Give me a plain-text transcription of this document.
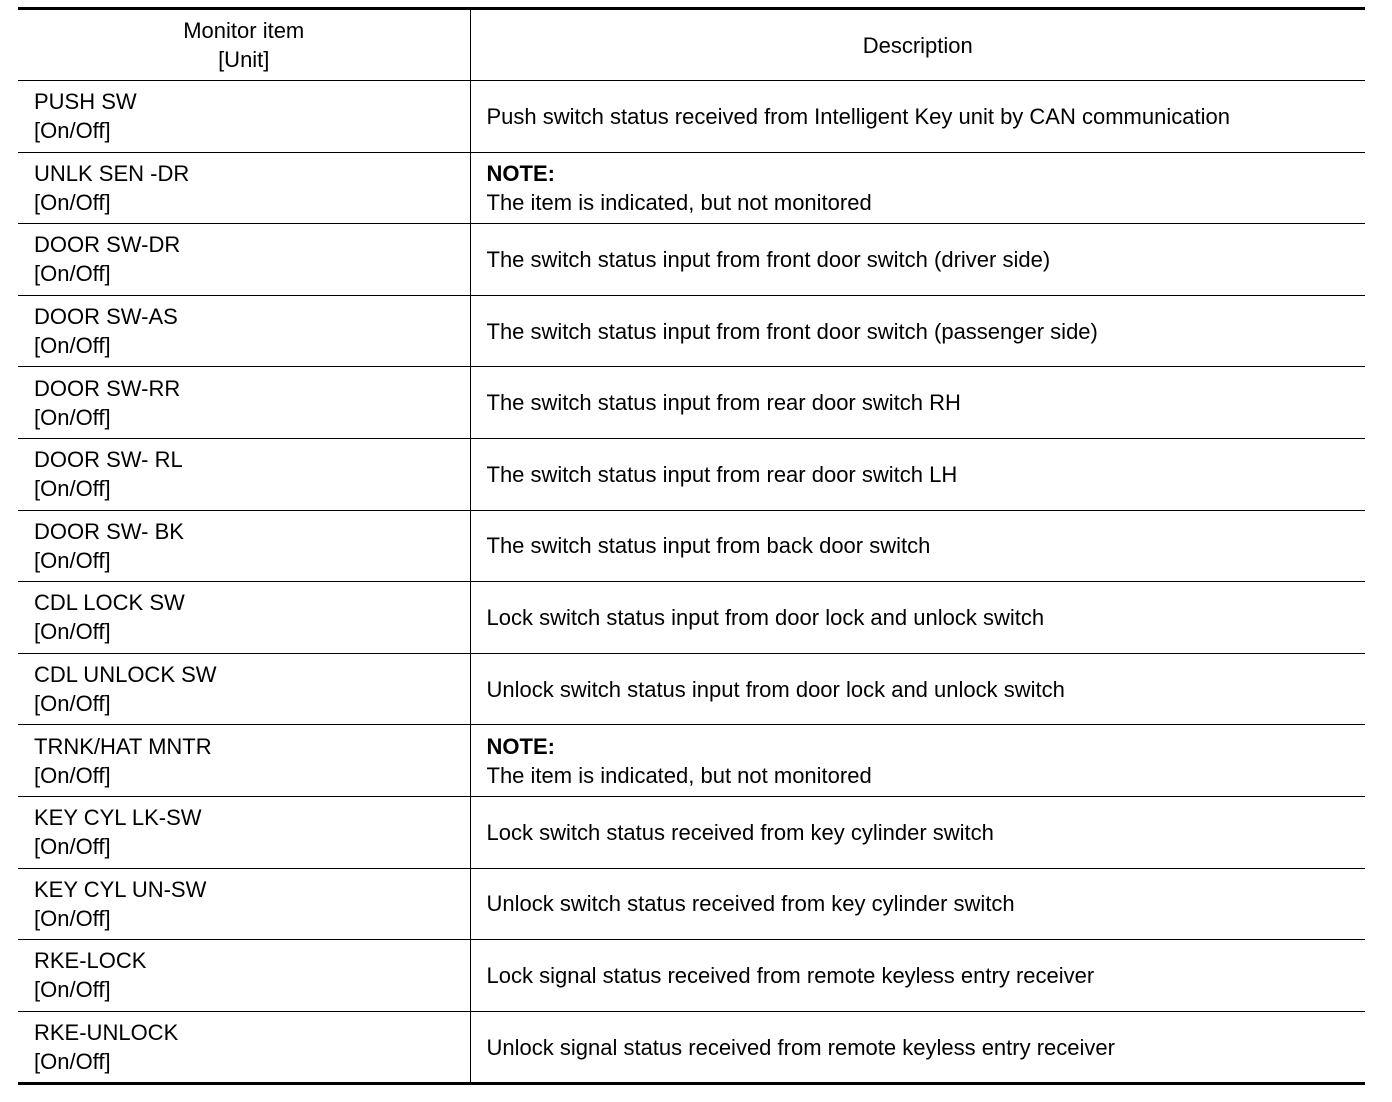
Monitor item
[Unit]	Description

PUSH SW
[On/Off]	Push switch status received from Intelligent Key unit by CAN communication

UNLK SEN -DR
[On/Off]	NOTE:
The item is indicated, but not monitored

DOOR SW-DR
[On/Off]	The switch status input from front door switch (driver side)

DOOR SW-AS
[On/Off]	The switch status input from front door switch (passenger side)

DOOR SW-RR
[On/Off]	The switch status input from rear door switch RH

DOOR SW- RL
[On/Off]	The switch status input from rear door switch LH

DOOR SW- BK
[On/Off]	The switch status input from back door switch

CDL LOCK SW
[On/Off]	Lock switch status input from door lock and unlock switch

CDL UNLOCK SW
[On/Off]	Unlock switch status input from door lock and unlock switch

TRNK/HAT MNTR
[On/Off]	NOTE:
The item is indicated, but not monitored

KEY CYL LK-SW
[On/Off]	Lock switch status received from key cylinder switch

KEY CYL UN-SW
[On/Off]	Unlock switch status received from key cylinder switch

RKE-LOCK
[On/Off]	Lock signal status received from remote keyless entry receiver

RKE-UNLOCK
[On/Off]	Unlock signal status received from remote keyless entry receiver
